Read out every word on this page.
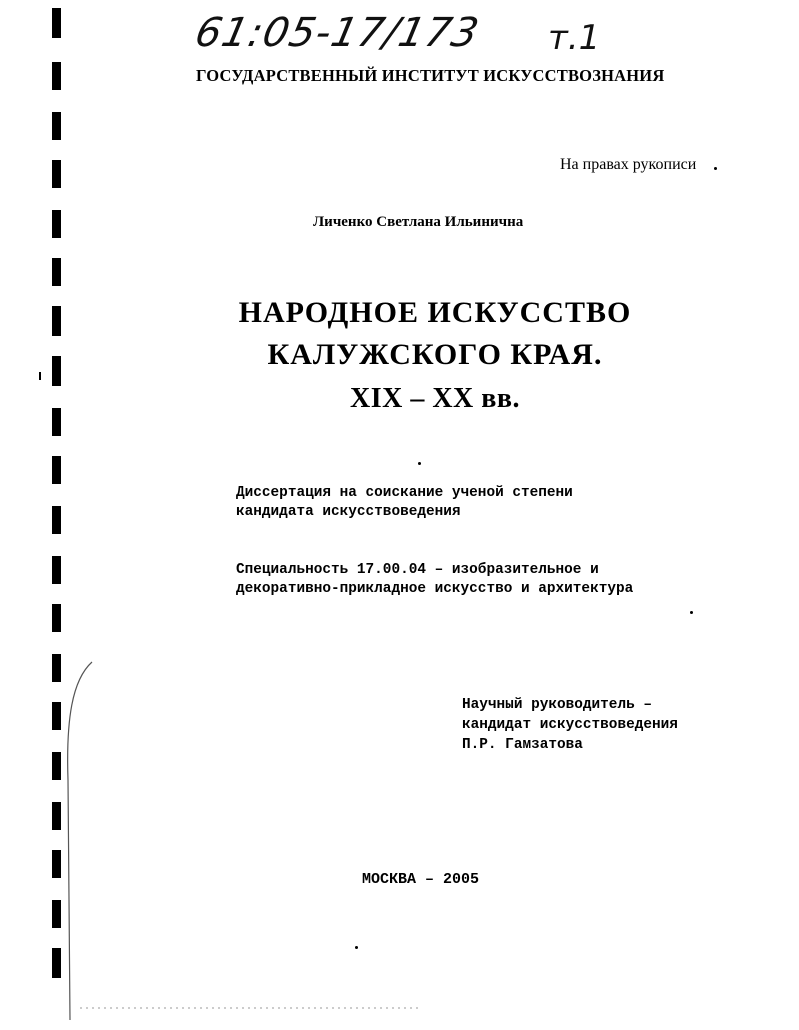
61:05-17/173 т.1
ГОСУДАРСТВЕННЫЙ ИНСТИТУТ ИСКУССТВОЗНАНИЯ
На правах рукописи
Личенко Светлана Ильинична
НАРОДНОЕ ИСКУССТВО
КАЛУЖСКОГО КРАЯ.
XIX – XX вв.
Диссертация на соискание ученой степени
кандидата искусствоведения
Специальность 17.00.04 – изобразительное и
декоративно-прикладное искусство и архитектура
Научный руководитель –
кандидат искусствоведения
П.Р. Гамзатова
МОСКВА – 2005
